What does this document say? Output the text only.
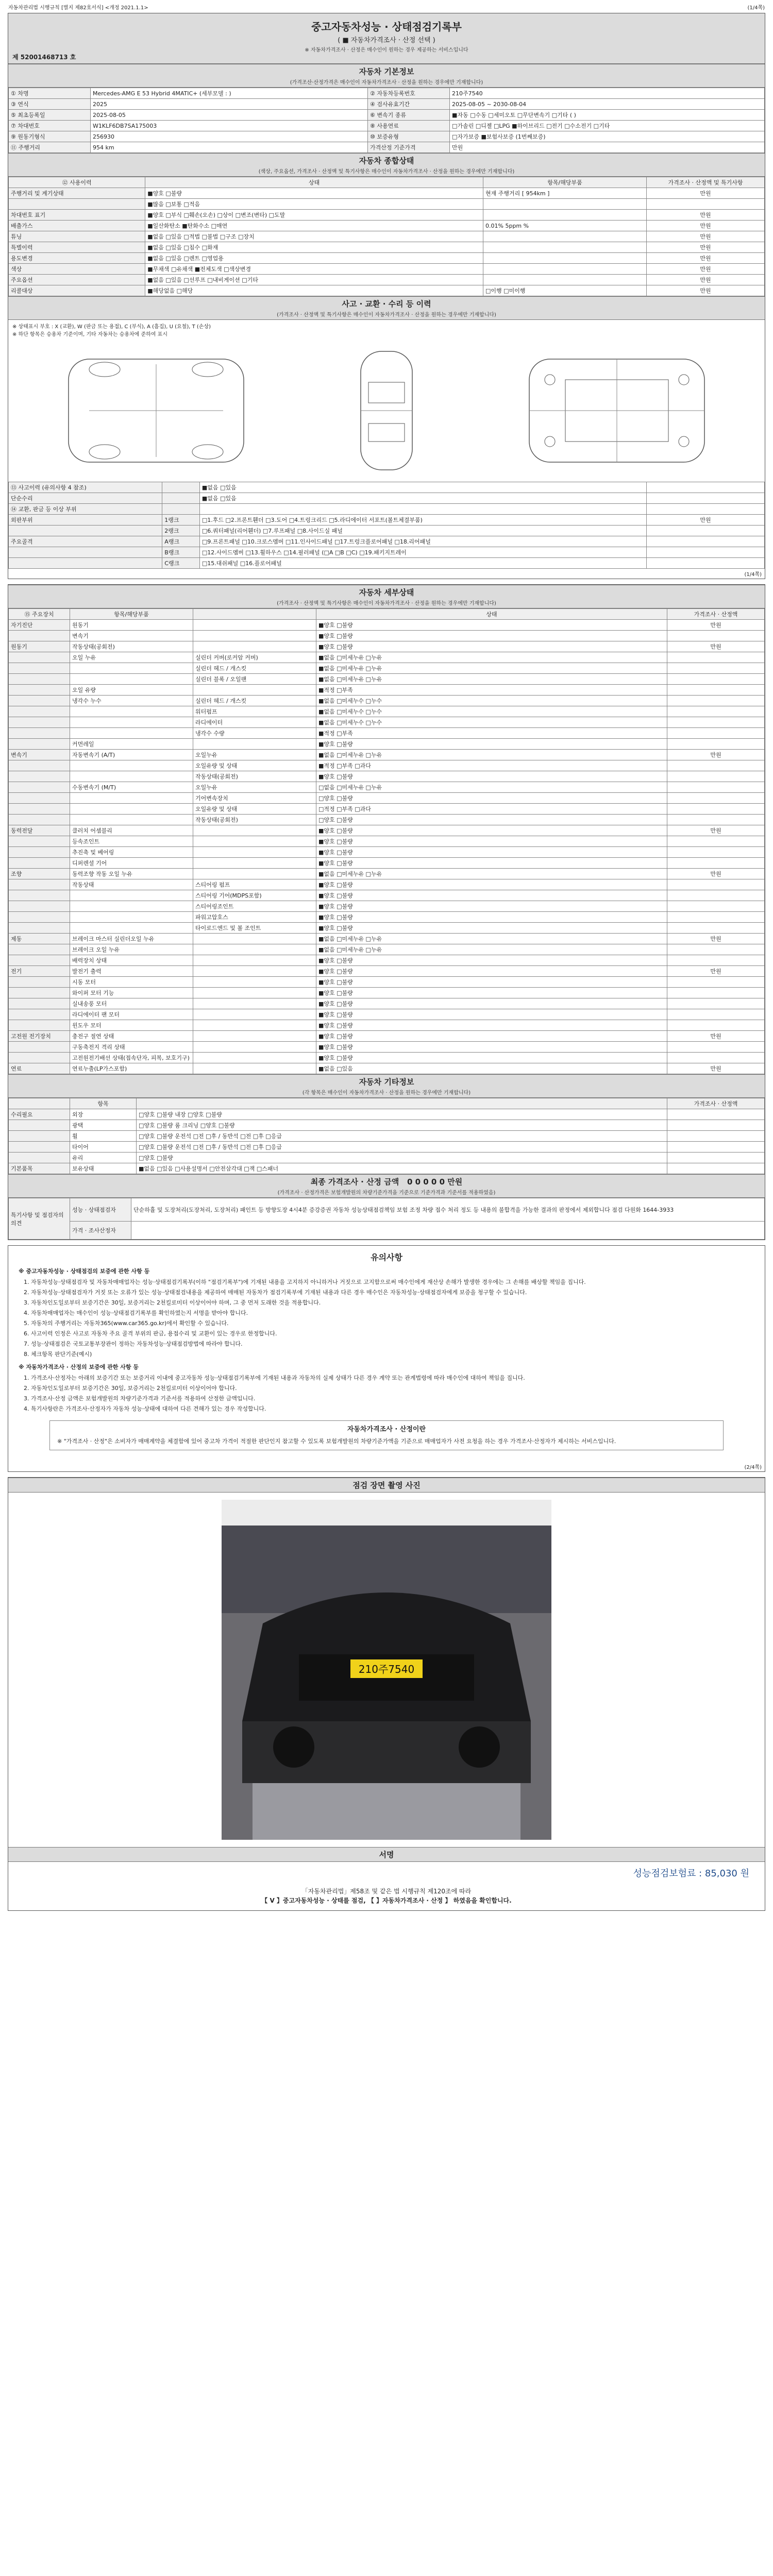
자동차관리법 시행규칙 [별지 제82호서식] <개정 2021.1.1>	(1/4쪽)
중고자동차성능 · 상태점검기록부
( ■ 자동차가격조사 · 산정 선택 )
※ 자동차가격조사 · 산정은 매수인이 원하는 경우 제공하는 서비스입니다
제 52001468713 호
자동차 기본정보
(가격조산·산정가격은 매수인이 자동차가격조사 · 산정을 원하는 경우에만 기재합니다)
① 차명	Mercedes-AMG E 53 Hybrid 4MATIC+ (세부모델 : )	② 자동차등록번호	210주7540
③ 연식	2025	④ 검사유효기간	2025-08-05 ~ 2030-08-04
⑤ 최초등록일	2025-08-05	⑥ 변속기 종류	■자동 □수동 □세미오토 □무단변속기 □기타 ( )
⑦ 차대번호	W1KLF6DB7SA175003	⑧ 사용연료	□가솔린 □디젤 □LPG ■하이브리드 □전기 □수소전기 □기타
⑨ 원동기형식	256930	⑩ 보증유형	□자가보증 ■보험사보증 (1번째보증)
⑪ 주행거리	954 km	가격산정 기준가격	만원
자동차 종합상태
(색상, 주요옵션, 가격조사 · 산정액 및 특기사항은 매수인이 자동차가격조사 · 산정을 원하는 경우에만 기재합니다)
⑫ 사용이력	상태	항목/해당부품	가격조사 · 산정액 및 특기사항
주행거리 및 계기상태	■양호 □불량	현재 주행거리 [ 954km ]	만원
	■많음 □보통 □적음		
차대번호 표기	■양호 □부식 □훼손(오손) □상이 □변조(변타) □도말		만원
배출가스	■일산화탄소 ■탄화수소 □매연	0.01% 5ppm %	만원
튜닝	■없음 □있음 □적법 □불법 □구조 □장치		만원
특별이력	■없음 □있음 □침수 □화재		만원
용도변경	■없음 □있음 □렌트 □영업용		만원
색상	■무채색 □유채색 ■전체도색 □색상변경		만원
주요옵션	■없음 □있음 □선루프 □내비게이션 □기타		만원
리콜대상	■해당없음 □해당	□이행 □미이행	만원
사고 · 교환 · 수리 등 이력
(가격조사 · 산정액 및 특기사항은 매수인이 자동차가격조사 · 산정을 원하는 경우에만 기재합니다)
※ 상태표시 부호 : X (교환), W (판금 또는 용접), C (부식), A (흠집), U (요철), T (손상)
※ 하단 항목은 승용차 기준이며, 기타 자동차는 승용차에 준하여 표시
⑬ 사고이력 (유의사항 4 참조)		■없음 □있음	
단순수리		■없음 □있음	
⑭ 교환, 판금 등 이상 부위			
외판부위	1랭크	□1.후드 □2.프론트휀더 □3.도어 □4.트렁크리드 □5.라디에이터 서포트(볼트체결부품)	만원
	2랭크	□6.쿼터패널(리어휀더) □7.루프패널 □8.사이드실 패널	
주요골격	A랭크	□9.프론트패널 □10.크로스멤버 □11.인사이드패널 □17.트렁크플로어패널 □18.리어패널	
	B랭크	□12.사이드멤버 □13.휠하우스 □14.필러패널 (□A □B □C) □19.패키지트레이	
	C랭크	□15.대쉬패널 □16.플로어패널	
(1/4쪽)
자동차 세부상태
(가격조사 · 산정액 및 특기사항은 매수인이 자동차가격조사 · 산정을 원하는 경우에만 기재합니다)
⑮ 주요장치	항목/해당부품		상태	가격조사 · 산정액
자기진단	원동기		■양호 □불량	만원
	변속기		■양호 □불량	
원동기	작동상태(공회전)		■양호 □불량	만원
	오일 누유	실린더 커버(로커암 커버)	■없음 □미세누유 □누유	
		실린더 헤드 / 개스킷	■없음 □미세누유 □누유	
		실린더 블록 / 오일팬	■없음 □미세누유 □누유	
	오일 유량		■적정 □부족	
	냉각수 누수	실린더 헤드 / 개스킷	■없음 □미세누수 □누수	
		워터펌프	■없음 □미세누수 □누수	
		라디에이터	■없음 □미세누수 □누수	
		냉각수 수량	■적정 □부족	
	커먼레일		■양호 □불량	
변속기	자동변속기 (A/T)	오일누유	■없음 □미세누유 □누유	만원
		오일유량 및 상태	■적정 □부족 □과다	
		작동상태(공회전)	■양호 □불량	
	수동변속기 (M/T)	오일누유	□없음 □미세누유 □누유	
		기어변속장치	□양호 □불량	
		오일유량 및 상태	□적정 □부족 □과다	
		작동상태(공회전)	□양호 □불량	
동력전달	클러치 어셈블리		■양호 □불량	만원
	등속조인트		■양호 □불량	
	추진축 및 베어링		■양호 □불량	
	디퍼렌셜 기어		■양호 □불량	
조향	동력조향 작동 오일 누유		■없음 □미세누유 □누유	만원
	작동상태	스티어링 펌프	■양호 □불량	
		스티어링 기어(MDPS포함)	■양호 □불량	
		스티어링조인트	■양호 □불량	
		파워고압호스	■양호 □불량	
		타이로드엔드 및 볼 조인트	■양호 □불량	
제동	브레이크 마스터 실린더오일 누유		■없음 □미세누유 □누유	만원
	브레이크 오일 누유		■없음 □미세누유 □누유	
	배력장치 상태		■양호 □불량	
전기	발전기 출력		■양호 □불량	만원
	시동 모터		■양호 □불량	
	와이퍼 모터 기능		■양호 □불량	
	실내송풍 모터		■양호 □불량	
	라디에이터 팬 모터		■양호 □불량	
	윈도우 모터		■양호 □불량	
고전원 전기장치	충전구 절연 상태		■양호 □불량	만원
	구동축전지 격리 상태		■양호 □불량	
	고전원전기배선 상태(접속단자, 피복, 보호기구)		■양호 □불량	
연료	연료누출(LP가스포함)		■없음 □있음	만원
자동차 기타정보
(각 항목은 매수인이 자동차가격조사 · 산정을 원하는 경우에만 기재합니다)
	항목		가격조사 · 산정액
수리필요	외장	□양호 □불량 내장 □양호 □불량	
	광택	□양호 □불량 룸 크리닝 □양호 □불량	
	휠	□양호 □불량 운전석 □전 □후 / 동반석 □전 □후 □응급	
	타이어	□양호 □불량 운전석 □전 □후 / 동반석 □전 □후 □응급	
	유리	□양호 □불량	
기본품목	보유상태	■없음 □있음 □사용설명서 □안전삼각대 □잭 □스패너	
최종 가격조사 · 산정 금액 0 0 0 0 0 만원
(가격조사 · 산정가격은 보험개발원의 차량기준가격을 기준으로 기준가격과 기준서를 적용하였음)
특기사항 및 점검자의 의견	성능 · 상태점검자	단순하휼 및 도장처리(도장처리, 도장처리) 패인트 등 방향도장 4시4분 증강증권 자동차 성능상태점검책임 보험 조정 차량 접수 처리 정도 등 내용의 불합격을 가능한 결과의 판정에서 제외합니다 점검 다원화 1644-3933
	가격 · 조사산정자	
유의사항
※ 중고자동차성능 · 상태점검의 보증에 관한 사항 등
1. 자동차성능·상태점검자 및 자동차매매업자는 성능·상태점검기록부(이하 "점검기록부")에 기재된 내용을 고지하지 아니하거나 거짓으로 고지함으로써 매수인에게 재산상 손해가 발생한 경우에는 그 손해를 배상할 책임을 집니다.
2. 자동차성능·상태점검자가 거짓 또는 오류가 있는 성능·상태점검내용을 제공하여 매매된 자동차가 점검기록부에 기재된 내용과 다른 경우 매수인은 자동차성능·상태점검자에게 보증을 청구할 수 있습니다.
3. 자동차인도일로부터 보증기간은 30일, 보증거리는 2천킬로미터 이상이어야 하며, 그 중 먼저 도래한 것을 적용합니다.
4. 자동차매매업자는 매수인이 성능·상태점검기록부를 확인하였는지 서명을 받아야 합니다.
5. 자동차의 주행거리는 자동차365(www.car365.go.kr)에서 확인할 수 있습니다.
6. 사고이력 인정은 사고로 자동차 주요 골격 부위의 판금, 용접수리 및 교환이 있는 경우로 한정합니다.
7. 성능·상태점검은 국토교통부장관이 정하는 자동차성능·상태점검방법에 따라야 합니다.
8. 체크항목 판단기준(예시)
※ 자동차가격조사 · 산정의 보증에 관한 사항 등
1. 가격조사·산정자는 아래의 보증기간 또는 보증거리 이내에 중고자동차 성능·상태점검기록부에 기재된 내용과 자동차의 실제 상태가 다른 경우 계약 또는 관계법령에 따라 매수인에 대하여 책임을 집니다.
2. 자동차인도일로부터 보증기간은 30일, 보증거리는 2천킬로미터 이상이어야 합니다.
3. 가격조사·산정 금액은 보험개발원의 차량기준가격과 기준서를 적용하여 산정한 금액입니다.
4. 특기사항란은 가격조사·산정자가 자동차 성능·상태에 대하여 다른 견해가 있는 경우 작성합니다.
자동차가격조사 · 산정이란
※ "가격조사 · 산정"은 소비자가 매매계약을 체결함에 있어 중고차 가격이 적절한 판단인지 참고할 수 있도록 보험개발원의 차량기준가액을 기준으로 매매업자가 사전 요청을 하는 경우 가격조사·산정자가 제시하는 서비스입니다.
(2/4쪽)
점검 장면 촬영 사진
210주7540
서명
성능점검보험료 : 85,030 원
「자동차관리법」제58조 및 같은 법 시행규칙 제120조에 따라
【 V 】중고자동차성능 · 상태를 점검, 【 】자동차가격조사 · 산정 】 하였음을 확인합니다.
